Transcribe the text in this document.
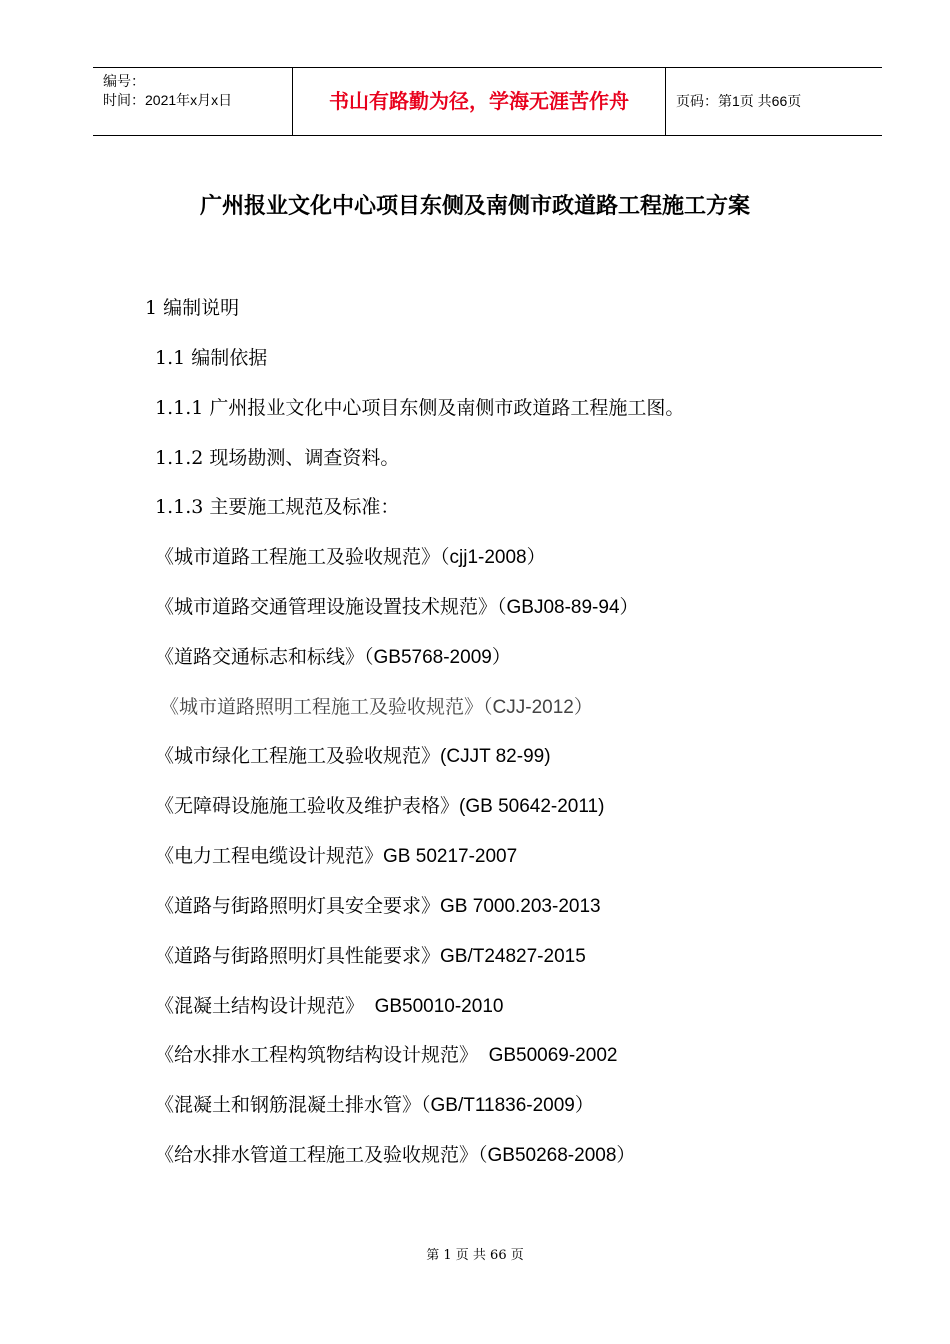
编号：
时间：2021年x月x日	书山有路勤为径，学海无涯苦作舟	页码：第1页 共66页
广州报业文化中心项目东侧及南侧市政道路工程施工方案
1 编制说明
1.1 编制依据
1.1.1 广州报业文化中心项目东侧及南侧市政道路工程施工图。
1.1.2 现场勘测、调查资料。
1.1.3 主要施工规范及标准：
《城市道路工程施工及验收规范》（cjj1-2008）
《城市道路交通管理设施设置技术规范》（GBJ08-89-94）
《道路交通标志和标线》（GB5768-2009）
《城市道路照明工程施工及验收规范》（CJJ-2012）
《城市绿化工程施工及验收规范》(CJJT 82-99)
《无障碍设施施工验收及维护表格》(GB 50642-2011)
《电力工程电缆设计规范》GB 50217-2007
《道路与街路照明灯具安全要求》GB 7000.203-2013
《道路与街路照明灯具性能要求》GB/T24827-2015
《混凝土结构设计规范》  GB50010-2010
《给水排水工程构筑物结构设计规范》  GB50069-2002
《混凝土和钢筋混凝土排水管》（GB/T11836-2009）
《给水排水管道工程施工及验收规范》（GB50268-2008）
第 1 页 共 66 页
